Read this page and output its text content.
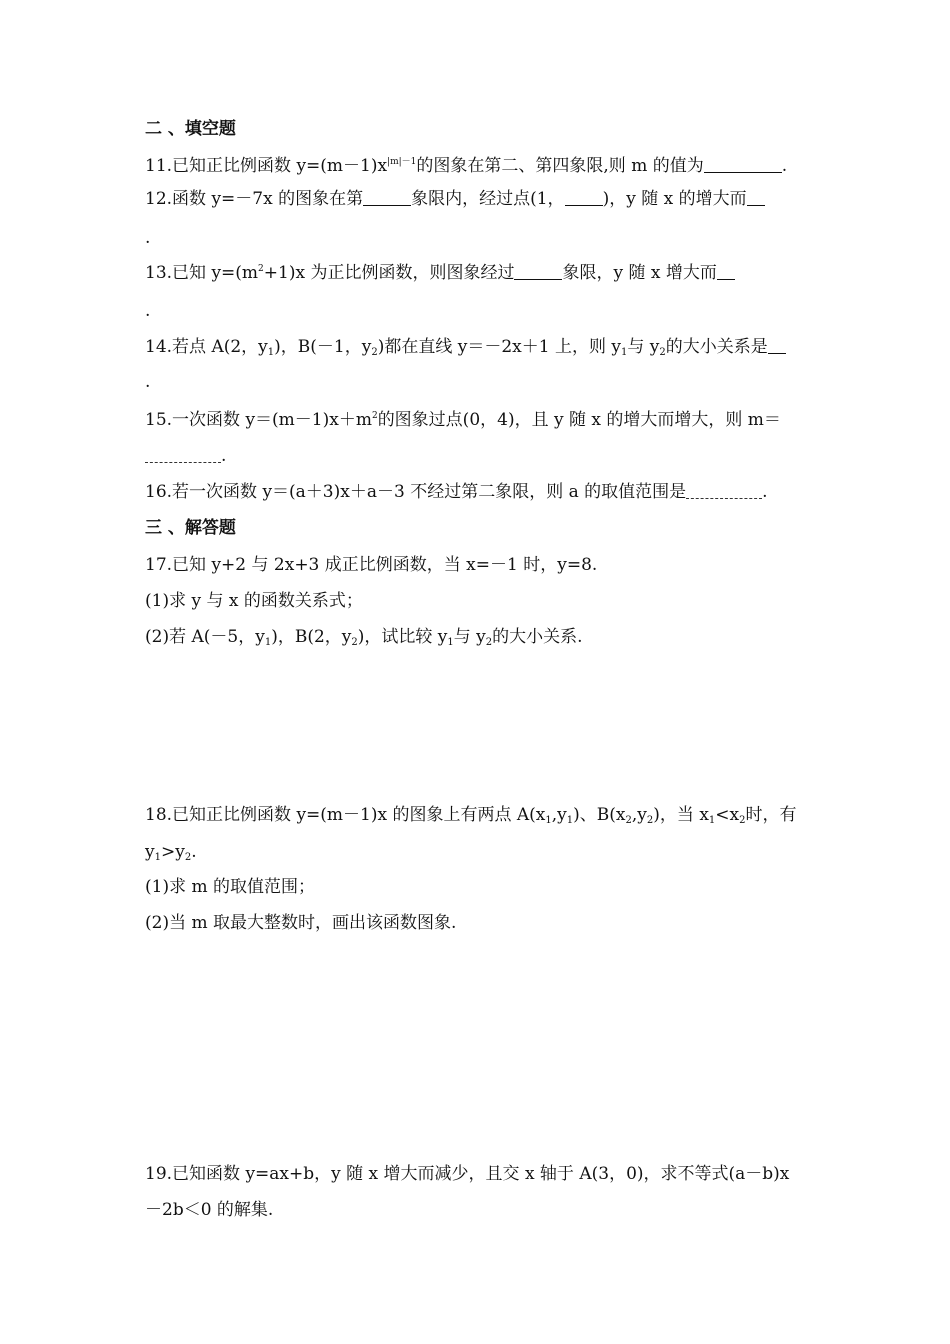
二 、填空题
11.已知正比例函数 $y=(m-1)x^{|m|-1}$的图象在第二、第四象限,则 m 的值为	.
12.函数 y=－7x 的图象在第	象限内，经过点(1， )，y 随 x 的增大而
.
13.已知 $y=(m^2+1)x$ 为正比例函数，则图象经过	象限，y 随 x 增大而
.
14.若点 A(2，$y_1$)，B(－1，$y_2$)都在直线 y＝－2x＋1 上，则 $y_1$与 $y_2$的大小关系是
.
15.一次函数 $y=(m-1)x+m^2$的图象过点(0，4)，且 y 随 x 的增大而增大，则 m＝
.
16.若一次函数 y＝(a＋3)x＋a－3 不经过第二象限，则 a 的取值范围是	.
三 、解答题
17.已知 y+2 与 2x+3 成正比例函数，当 x=－1 时，y=8.
(1)求 y 与 x 的函数关系式；
(2)若 A(－5，$y_1$)，B(2，$y_2$)，试比较 $y_1$与 $y_2$的大小关系.
18.已知正比例函数 y=(m－1)x 的图象上有两点 $A(x_1,y_1)$、$B(x_2,y_2)$，当 $x_1<x_2$时，有
$y_1>y_2$.
(1)求 m 的取值范围；
(2)当 m 取最大整数时，画出该函数图象.
19.已知函数 y=ax+b，y 随 x 增大而减少，且交 x 轴于 A(3，0)，求不等式(a－b)x
－2b＜0 的解集.
